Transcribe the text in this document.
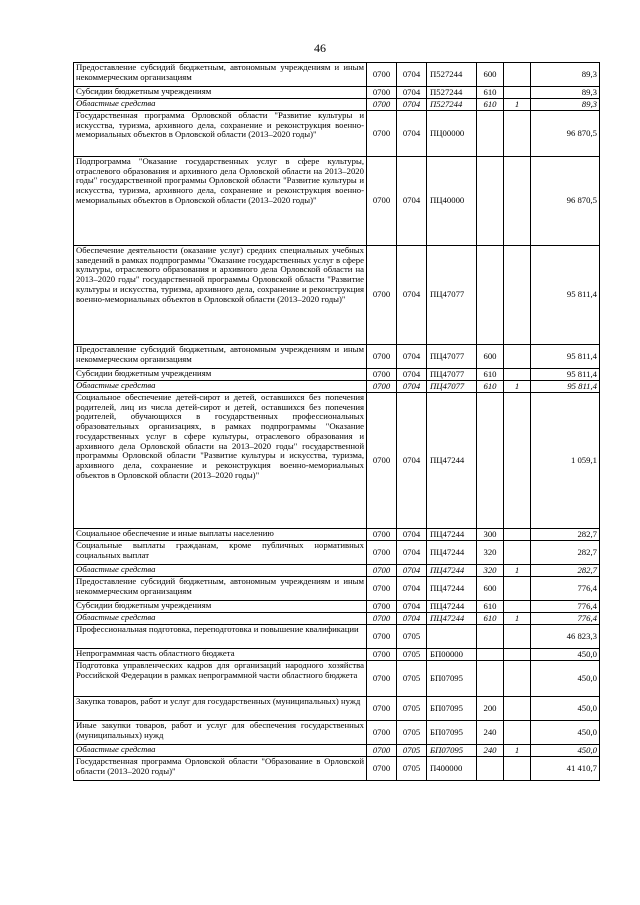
46
Предоставление субсидий бюджетным, автономным учреждениям и иным некоммерческим организациям	0700	0704	П527244	600		89,3
Субсидии бюджетным учреждениям	0700	0704	П527244	610		89,3
Областные средства	0700	0704	П527244	610	1	89,3
Государственная программа Орловской области "Развитие культуры и искусства, туризма, архивного дела, сохранение и реконструкция военно-мемориальных объектов в Орловской области (2013–2020 годы)"	0700	0704	ПЦ00000			96 870,5
Подпрограмма "Оказание государственных услуг в сфере культуры, отраслевого образования и архивного дела Орловской области на 2013–2020 годы" государственной программы Орловской области "Развитие культуры и искусства, туризма, архивного дела, сохранение и реконструкция военно-мемориальных объектов в Орловской области (2013–2020 годы)"	0700	0704	ПЦ40000			96 870,5
Обеспечение деятельности (оказание услуг) средних специальных учебных заведений в рамках подпрограммы "Оказание государственных услуг в сфере культуры, отраслевого образования и архивного дела Орловской области на 2013–2020 годы" государственной программы Орловской области "Развитие культуры и искусства, туризма, архивного дела, сохранение и реконструкция военно-мемориальных объектов в Орловской области (2013–2020 годы)"	0700	0704	ПЦ47077			95 811,4
Предоставление субсидий бюджетным, автономным учреждениям и иным некоммерческим организациям	0700	0704	ПЦ47077	600		95 811,4
Субсидии бюджетным учреждениям	0700	0704	ПЦ47077	610		95 811,4
Областные средства	0700	0704	ПЦ47077	610	1	95 811,4
Социальное обеспечение детей-сирот и детей, оставшихся без попечения родителей, лиц из числа детей-сирот и детей, оставшихся без попечения родителей, обучающихся в государственных профессиональных образовательных организациях, в рамках подпрограммы "Оказание государственных услуг в сфере культуры, отраслевого образования и архивного дела Орловской области на 2013–2020 годы" государственной программы Орловской области "Развитие культуры и искусства, туризма, архивного дела, сохранение и реконструкция военно-мемориальных объектов в Орловской области (2013–2020 годы)"	0700	0704	ПЦ47244			1 059,1
Социальное обеспечение и иные выплаты населению	0700	0704	ПЦ47244	300		282,7
Социальные выплаты гражданам, кроме публичных нормативных социальных выплат	0700	0704	ПЦ47244	320		282,7
Областные средства	0700	0704	ПЦ47244	320	1	282,7
Предоставление субсидий бюджетным, автономным учреждениям и иным некоммерческим организациям	0700	0704	ПЦ47244	600		776,4
Субсидии бюджетным учреждениям	0700	0704	ПЦ47244	610		776,4
Областные средства	0700	0704	ПЦ47244	610	1	776,4
Профессиональная подготовка, переподготовка и повышение квалификации	0700	0705				46 823,3
Непрограммная часть областного бюджета	0700	0705	БП00000			450,0
Подготовка управленческих кадров для организаций народного хозяйства Российской Федерации в рамках непрограммной части областного бюджета	0700	0705	БП07095			450,0
Закупка товаров, работ и услуг для государственных (муниципальных) нужд	0700	0705	БП07095	200		450,0
Иные закупки товаров, работ и услуг для обеспечения государственных (муниципальных) нужд	0700	0705	БП07095	240		450,0
Областные средства	0700	0705	БП07095	240	1	450,0
Государственная программа Орловской области "Образование в Орловской области (2013–2020 годы)"	0700	0705	П400000			41 410,7
